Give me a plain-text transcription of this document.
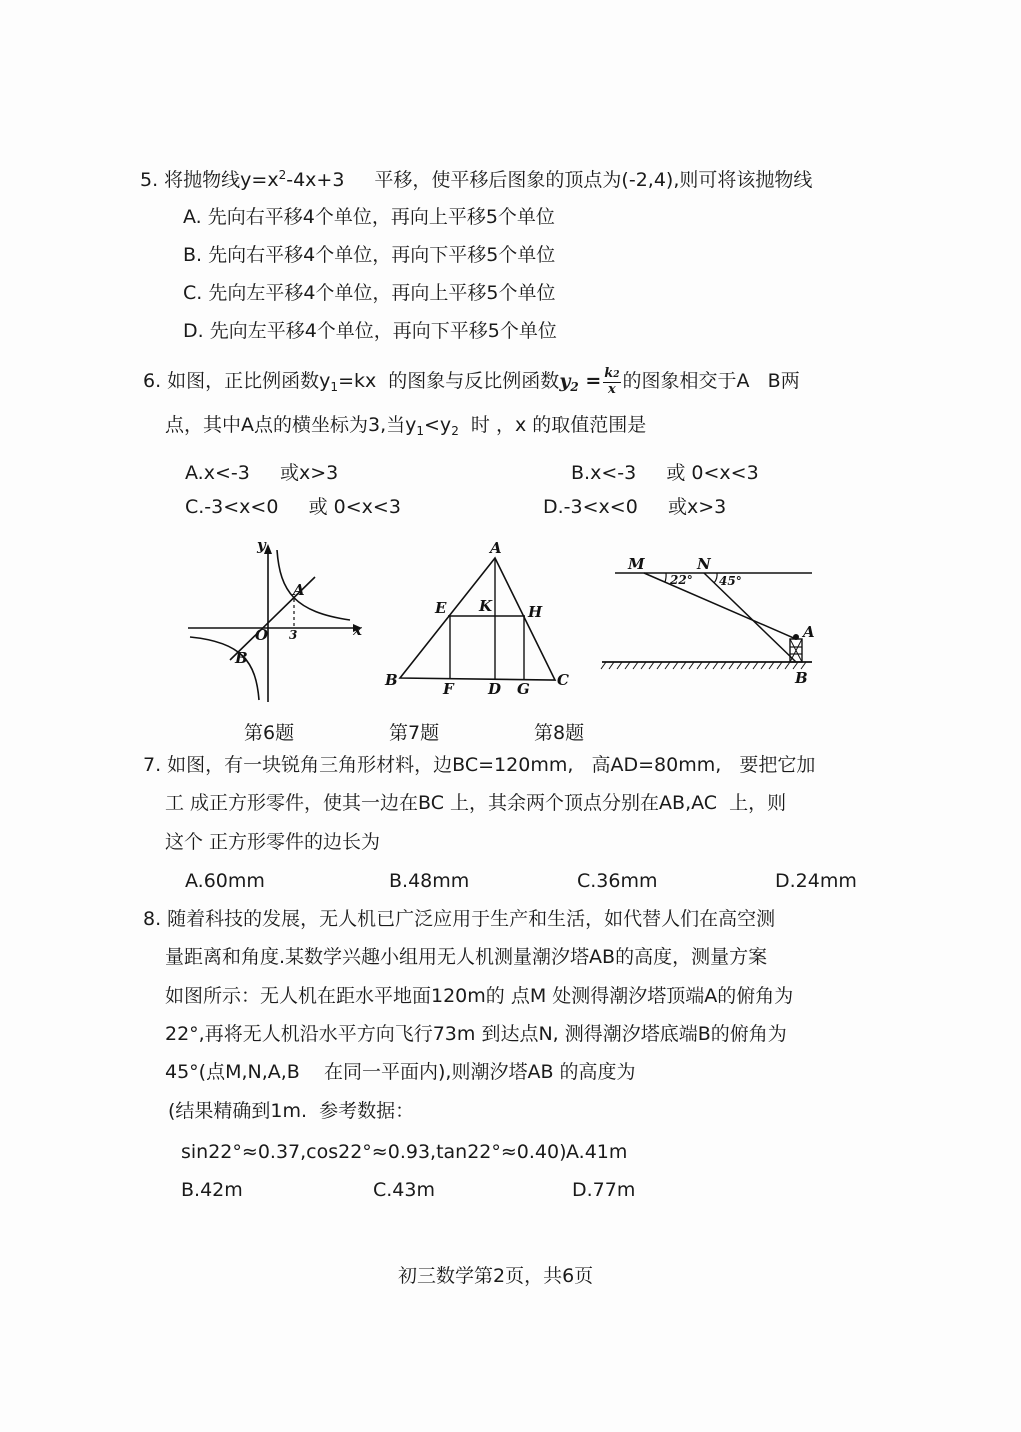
5. 将抛物线$y=x^2-4x+3$ 平移，使平移后图象的顶点为(-2,4),则可将该抛物线
A. 先向右平移4个单位，再向上平移5个单位
B. 先向右平移4个单位，再向下平移5个单位
C. 先向左平移4个单位，再向上平移5个单位
D. 先向左平移4个单位，再向下平移5个单位
6. 如图，正比例函数$y_1=kx$  的图象与反比例函数$y_2 = \frac{k2}{x}$ 的图象相交于A   B两
点，其中A点的横坐标为3,当$y_1<y_2$  时 ，x 的取值范围是
A.x<-3     或x>3	B.x<-3     或 0<x<3
C.-3<x<0     或 0<x<3	D.-3<x<0     或x>3
y
x
O 3
A
B
A
B	C
D
E
F	G
H
K
M	N
A
B
22° 45°
第6题	第7题	第8题
7. 如图，有一块锐角三角形材料，边BC=120mm,   高AD=80mm,   要把它加
工 成正方形零件，使其一边在BC 上，其余两个顶点分别在AB,AC  上，则
这个 正方形零件的边长为
A.60mm	B.48mm	C.36mm	D.24mm
8. 随着科技的发展，无人机已广泛应用于生产和生活，如代替人们在高空测
量距离和角度.某数学兴趣小组用无人机测量潮汐塔AB的高度，测量方案
如图所示：无人机在距水平地面120m的 点M 处测得潮汐塔顶端A的俯角为
22°,再将无人机沿水平方向飞行73m 到达点N, 测得潮汐塔底端B的俯角为
45°(点M,N,A,B    在同一平面内),则潮汐塔AB 的高度为
(结果精确到1m.  参考数据：
sin22°≈0.37,cos22°≈0.93,tan22°≈0.40) A.41m
B.42m	C.43m	D.77m
初三数学第2页，共6页
